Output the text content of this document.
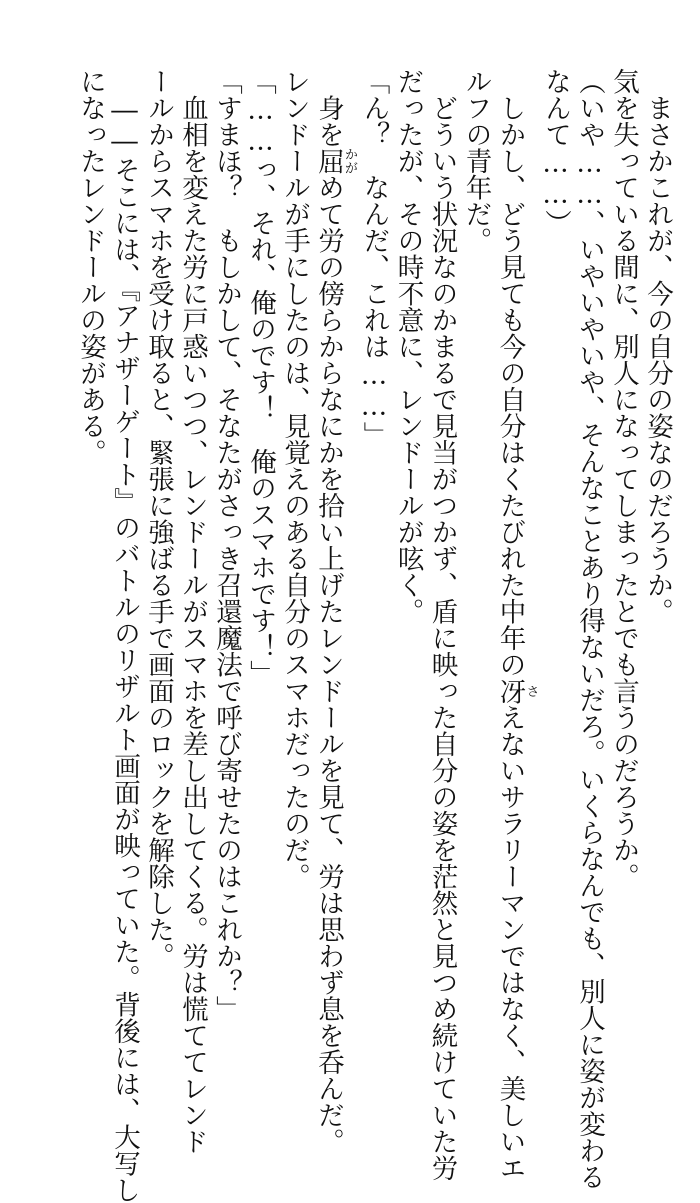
まさかこれが、今の自分の姿なのだろうか。
気を失っている間に、別人になってしまったとでも言うのだろうか。
（いや……、いやいやいや、そんなことあり得ないだろ。いくらなんでも、別人に姿が変わる
なんて……）
しかし、どう見ても今の自分はくたびれた中年の冴さえないサラリーマンではなく、美しいエ
ルフの青年だ。
どういう状況なのかまるで見当がつかず、盾に映った自分の姿を茫然と見つめ続けていた労
だったが、その時不意に、レンドールが呟く。
「ん？　なんだ、これは……」
身を屈かがめて労の傍らからなにかを拾い上げたレンドールを見て、労は思わず息を呑んだ。
レンドールが手にしたのは、見覚えのある自分のスマホだったのだ。
「……っ、それ、俺のです！　俺のスマホです！」
「すまほ？　もしかして、そなたがさっき召還魔法で呼び寄せたのはこれか？」
血相を変えた労に戸惑いつつ、レンドールがスマホを差し出してくる。労は慌ててレンド
ールからスマホを受け取ると、緊張に強ばる手で画面のロックを解除した。
――そこには、『アナザーゲート』のバトルのリザルト画面が映っていた。背後には、大写し
になったレンドールの姿がある。
